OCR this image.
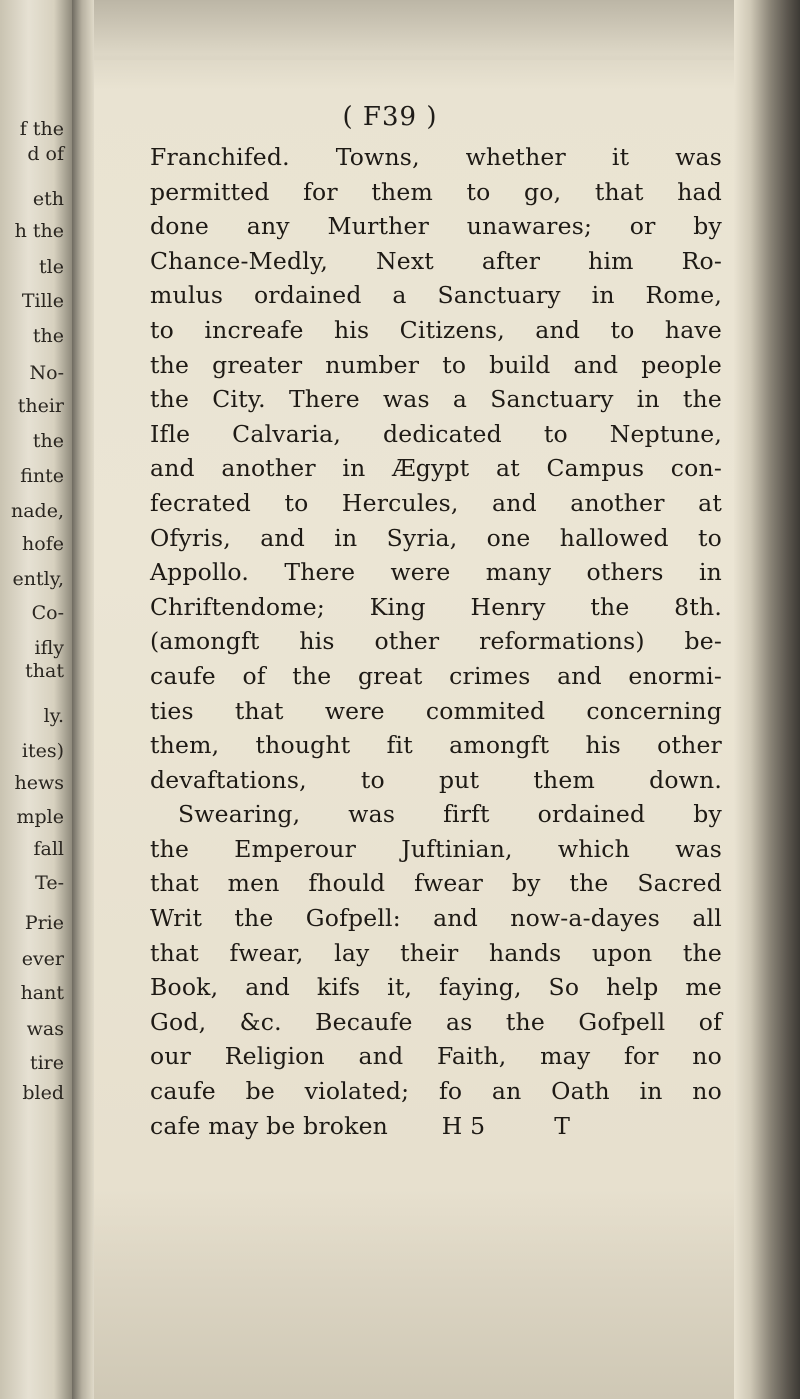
f the
d of
eth
h the
tle
Tille
the
No-
their
the
finte
nade,
hofe
ently,
Co-
ifly
that
ly.
ites)
hews
mple
fall
Te-
Prie
ever
hant
was
tire
bled
( F39 )
Franchifed. Towns, whether it was
permitted for them to go, that had
done any Murther unawares; or by
Chance-Medly, Next after him Ro-
mulus ordained a Sanctuary in Rome,
to increafe his Citizens, and to have
the greater number to build and people
the City. There was a Sanctuary in the
Ifle Calvaria, dedicated to Neptune,
and another in Ægypt at Campus con-
fecrated to Hercules, and another at
Ofyris, and in Syria, one hallowed to
Appollo. There were many others in
Chriftendome; King Henry the 8th.
(amongft his other reformations) be-
caufe of the great crimes and enormi-
ties that were commited concerning
them, thought fit amongft his other
devaftations, to put them down.
Swearing, was firft ordained by
the Emperour Juftinian, which was
that men fhould fwear by the Sacred
Writ the Gofpell: and now-a-dayes all
that fwear, lay their hands upon the
Book, and kifs it, faying, So help me
God, &c. Becaufe as the Gofpell of
our Religion and Faith, may for no
caufe be violated; fo an Oath in no
cafe may be broken       H 5         T
